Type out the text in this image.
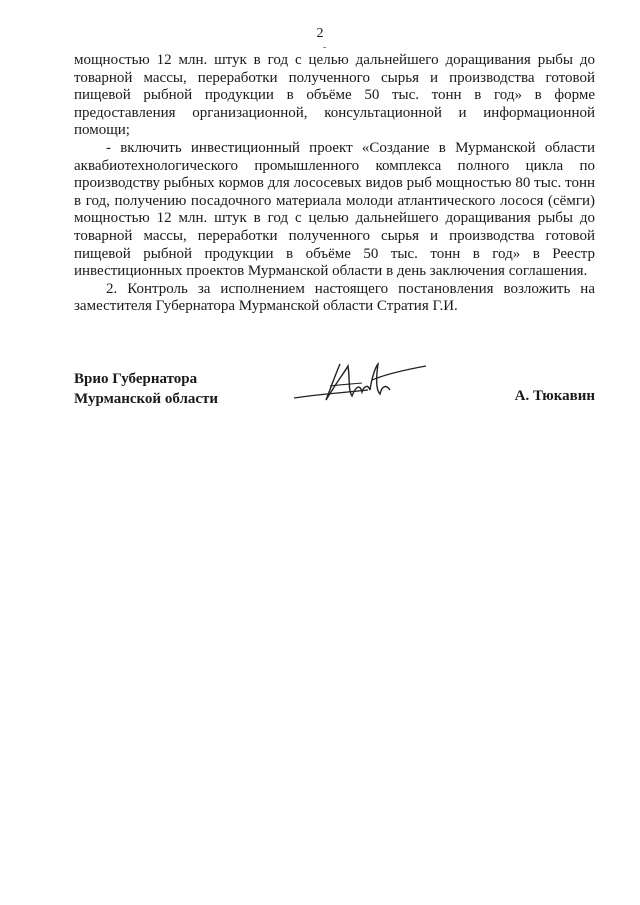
2
-

мощностью 12 млн. штук в год с целью дальнейшего доращивания рыбы до товарной массы, переработки полученного сырья и производства готовой пищевой рыбной продукции в объёме 50 тыс. тонн в год» в форме предоставления организационной, консультационной и информационной помощи;

- включить инвестиционный проект «Создание в Мурманской области аквабиотехнологического промышленного комплекса полного цикла по производству рыбных кормов для лососевых видов рыб мощностью 80 тыс. тонн в год, получению посадочного материала молоди атлантического лосося (сёмги) мощностью 12 млн. штук в год с целью дальнейшего доращивания рыбы до товарной массы, переработки полученного сырья и производства готовой пищевой рыбной продукции в объёме 50 тыс. тонн в год» в Реестр инвестиционных проектов Мурманской области в день заключения соглашения.

2. Контроль за исполнением настоящего постановления возложить на заместителя Губернатора Мурманской области Стратия Г.И.

Врио Губернатора
Мурманской области	А. Тюкавин
